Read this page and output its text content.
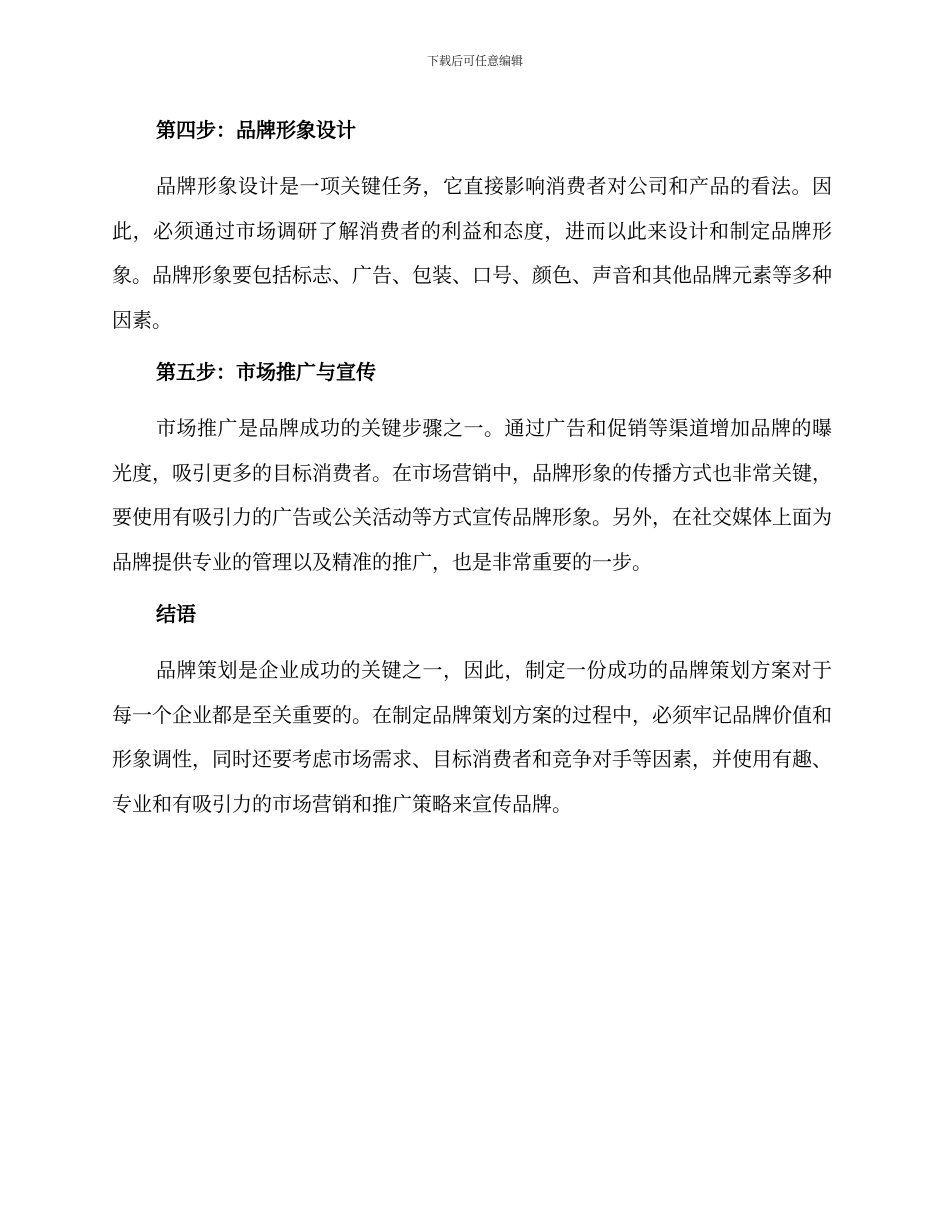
下载后可任意编辑
第四步：品牌形象设计

品牌形象设计是一项关键任务，它直接影响消费者对公司和产品的看法。因此，必须通过市场调研了解消费者的利益和态度，进而以此来设计和制定品牌形象。品牌形象要包括标志、广告、包装、口号、颜色、声音和其他品牌元素等多种因素。

第五步：市场推广与宣传

市场推广是品牌成功的关键步骤之一。通过广告和促销等渠道增加品牌的曝光度，吸引更多的目标消费者。在市场营销中，品牌形象的传播方式也非常关键，要使用有吸引力的广告或公关活动等方式宣传品牌形象。另外，在社交媒体上面为品牌提供专业的管理以及精准的推广，也是非常重要的一步。

结语

品牌策划是企业成功的关键之一，因此，制定一份成功的品牌策划方案对于每一个企业都是至关重要的。在制定品牌策划方案的过程中，必须牢记品牌价值和形象调性，同时还要考虑市场需求、目标消费者和竞争对手等因素，并使用有趣、专业和有吸引力的市场营销和推广策略来宣传品牌。
